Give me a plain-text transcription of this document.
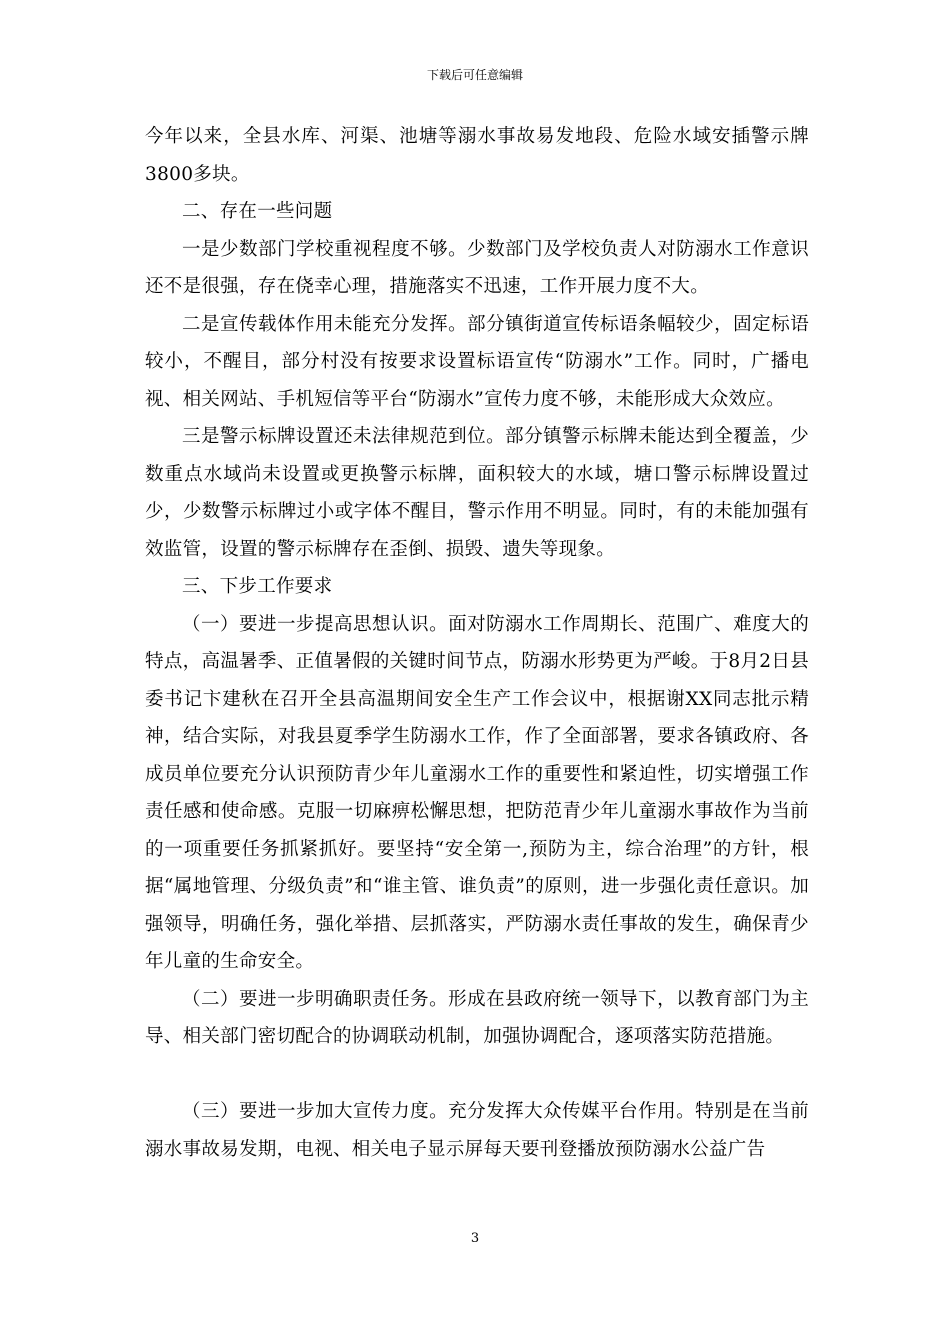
下载后可任意编辑

今年以来，全县水库、河渠、池塘等溺水事故易发地段、危险水域安插警示牌3800多块。

二、存在一些问题

一是少数部门学校重视程度不够。少数部门及学校负责人对防溺水工作意识还不是很强，存在侥幸心理，措施落实不迅速，工作开展力度不大。

二是宣传载体作用未能充分发挥。部分镇街道宣传标语条幅较少，固定标语较小，不醒目，部分村没有按要求设置标语宣传“防溺水”工作。同时，广播电视、相关网站、手机短信等平台“防溺水”宣传力度不够，未能形成大众效应。

三是警示标牌设置还未法律规范到位。部分镇警示标牌未能达到全覆盖，少数重点水域尚未设置或更换警示标牌，面积较大的水域，塘口警示标牌设置过少，少数警示标牌过小或字体不醒目，警示作用不明显。同时，有的未能加强有效监管，设置的警示标牌存在歪倒、损毁、遗失等现象。

三、下步工作要求

（一）要进一步提高思想认识。面对防溺水工作周期长、范围广、难度大的特点，高温暑季、正值暑假的关键时间节点，防溺水形势更为严峻。于8月2日县委书记卞建秋在召开全县高温期间安全生产工作会议中，根据谢XX同志批示精神，结合实际，对我县夏季学生防溺水工作，作了全面部署，要求各镇政府、各成员单位要充分认识预防青少年儿童溺水工作的重要性和紧迫性，切实增强工作责任感和使命感。克服一切麻痹松懈思想，把防范青少年儿童溺水事故作为当前的一项重要任务抓紧抓好。要坚持“安全第一,预防为主，综合治理”的方针，根据“属地管理、分级负责”和“谁主管、谁负责”的原则，进一步强化责任意识。加强领导，明确任务，强化举措、层抓落实，严防溺水责任事故的发生，确保青少年儿童的生命安全。

（二）要进一步明确职责任务。形成在县政府统一领导下，以教育部门为主导、相关部门密切配合的协调联动机制，加强协调配合，逐项落实防范措施。

（三）要进一步加大宣传力度。充分发挥大众传媒平台作用。特别是在当前溺水事故易发期，电视、相关电子显示屏每天要刊登播放预防溺水公益广告

3
